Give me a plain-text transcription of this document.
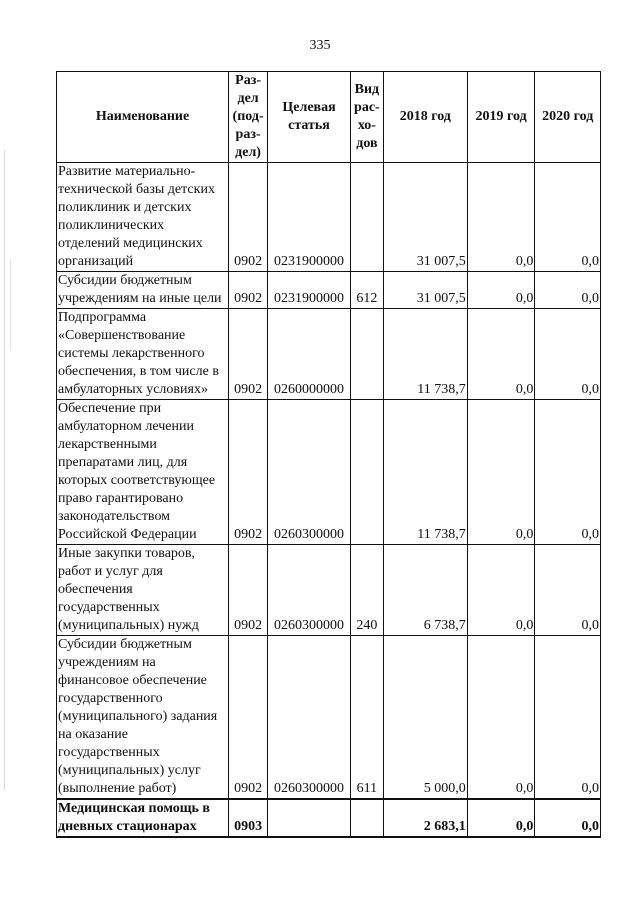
335
Наименование	Раз-
дел
(под-
раз-
дел)	Целевая
статья	Вид
рас-
хо-
дов	2018 год	2019 год	2020 год
Развитие материально-технической базы детских поликлиник и детских поликлинических отделений медицинских организаций	0902	0231900000		31 007,5	0,0	0,0
Субсидии бюджетным учреждениям на иные цели	0902	0231900000	612	31 007,5	0,0	0,0
Подпрограмма «Совершенствование системы лекарственного обеспечения, в том числе в амбулаторных условиях»	0902	0260000000		11 738,7	0,0	0,0
Обеспечение при амбулаторном лечении лекарственными препаратами лиц, для которых соответствующее право гарантировано законодательством Российской Федерации	0902	0260300000		11 738,7	0,0	0,0
Иные закупки товаров, работ и услуг для обеспечения государственных (муниципальных) нужд	0902	0260300000	240	6 738,7	0,0	0,0
Субсидии бюджетным учреждениям на финансовое обеспечение государственного (муниципального) задания на оказание государственных (муниципальных) услуг (выполнение работ)	0902	0260300000	611	5 000,0	0,0	0,0
Медицинская помощь в дневных стационарах	0903			2 683,1	0,0	0,0
